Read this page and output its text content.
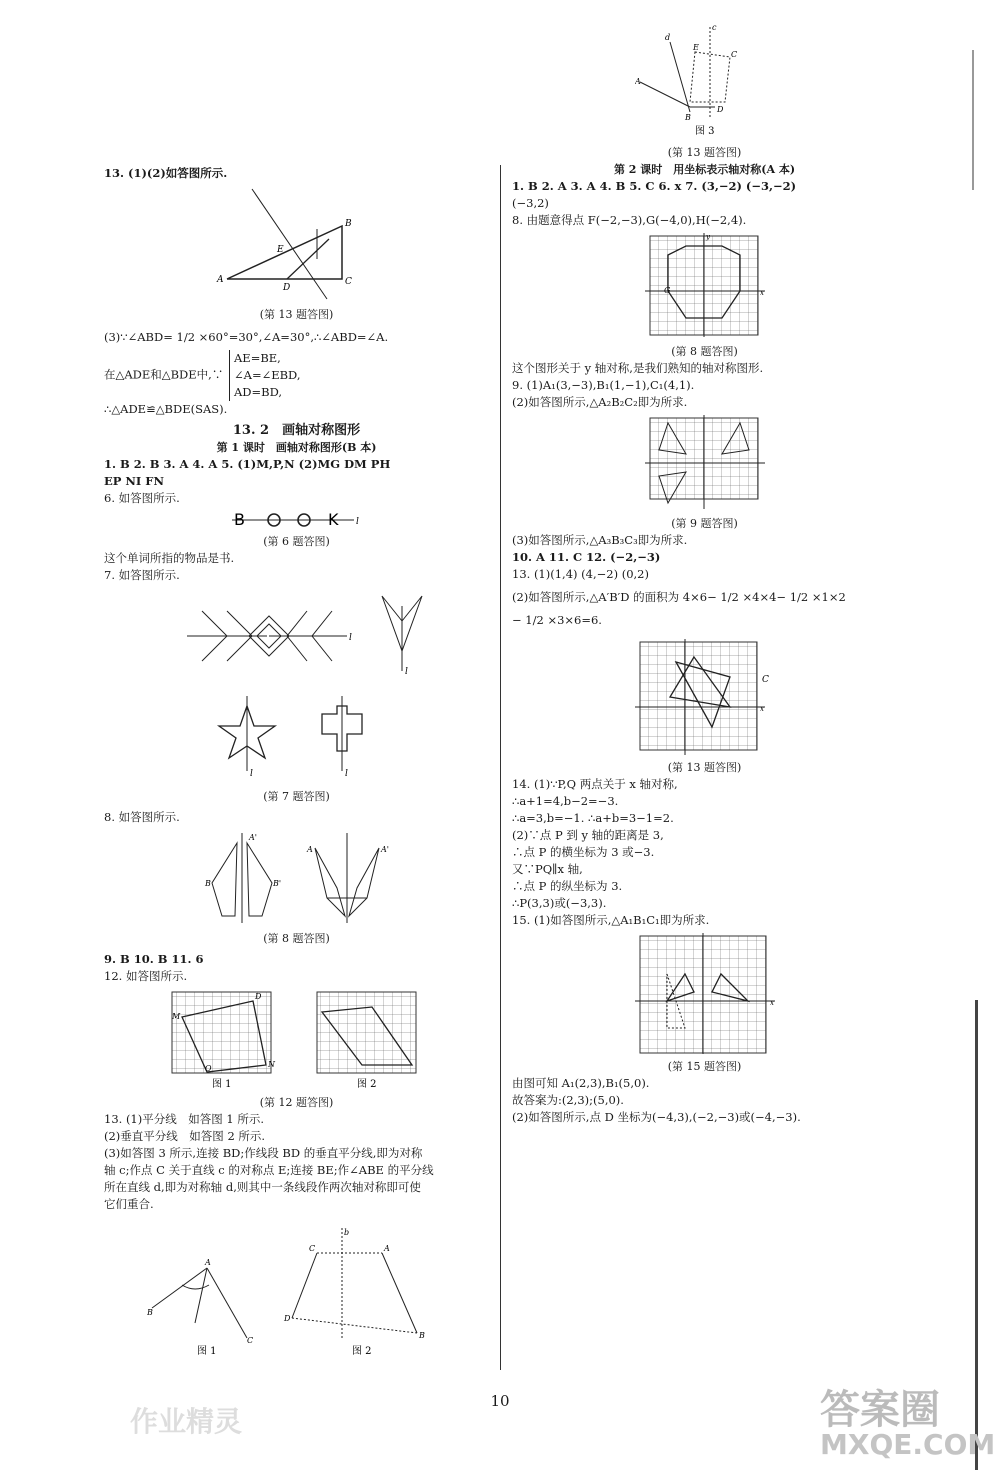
13. (1)(2)如答图所示.
B
A	C
D
E
(第 13 题答图)
(3)∵∠ABD= 1/2 ×60°=30°,∠A=30°,∴∠ABD=∠A.
在△ADE和△BDE中,∵
AE=BE,
∠A=∠EBD,
AD=BD,
∴△ADE≌△BDE(SAS).
13. 2　画轴对称图形
第 1 课时　画轴对称图形(B 本)
1. B 2. B 3. A 4. A 5. (1)M,P,N (2)MG DM PH
EP NI FN
6. 如答图所示.
B	K l
(第 6 题答图)
这个单词所指的物品是书.
7. 如答图所示.
l
l
l	l
(第 7 题答图)
8. 如答图所示.
B	B'
A'
A	A'
(第 8 题答图)
9. B 10. B 11. 6
12. 如答图所示.
M
D
N
O
图 1	图 2
(第 12 题答图)
13. (1)平分线　如答图 1 所示.
(2)垂直平分线　如答图 2 所示.
(3)如答图 3 所示,连接 BD;作线段 BD 的垂直平分线,即为对称
轴 c;作点 C 关于直线 c 的对称点 E;连接 BE;作∠ABE 的平分线
所在直线 d,即为对称轴 d,则其中一条线段作两次轴对称即可使
它们重合.
A
B
C
图 1
C	A
D
B
b
图 2
A
C
E
d
c
B
D
图 3
(第 13 题答图)
第 2 课时　用坐标表示轴对称(A 本)
1. B 2. A 3. A 4. B 5. C 6. x 7. (3,−2) (−3,−2)
(−3,2)
8. 由题意得点 F(−2,−3),G(−4,0),H(−2,4).
G	x
y
(第 8 题答图)
这个图形关于 y 轴对称,是我们熟知的轴对称图形.
9. (1)A₁(3,−3),B₁(1,−1),C₁(4,1).
(2)如答图所示,△A₂B₂C₂即为所求.
(第 9 题答图)
(3)如答图所示,△A₃B₃C₃即为所求.
10. A 11. C 12. (−2,−3)
13. (1)(1,4) (4,−2) (0,2)
(2)如答图所示,△A′B′D 的面积为 4×6− 1/2 ×4×4− 1/2 ×1×2
− 1/2 ×3×6=6.
C
x
(第 13 题答图)
14. (1)∵P,Q 两点关于 x 轴对称,
∴a+1=4,b−2=−3.
∴a=3,b=−1. ∴a+b=3−1=2.
(2)∵点 P 到 y 轴的距离是 3,
∴点 P 的横坐标为 3 或−3.
又∵PQ∥x 轴,
∴点 P 的纵坐标为 3.
∴P(3,3)或(−3,3).
15. (1)如答图所示,△A₁B₁C₁即为所求.
x
(第 15 题答图)
由图可知 A₁(2,3),B₁(5,0).
故答案为:(2,3);(5,0).
(2)如答图所示,点 D 坐标为(−4,3),(−2,−3)或(−4,−3).
10	答案圈
MXQE.COM
作业精灵
